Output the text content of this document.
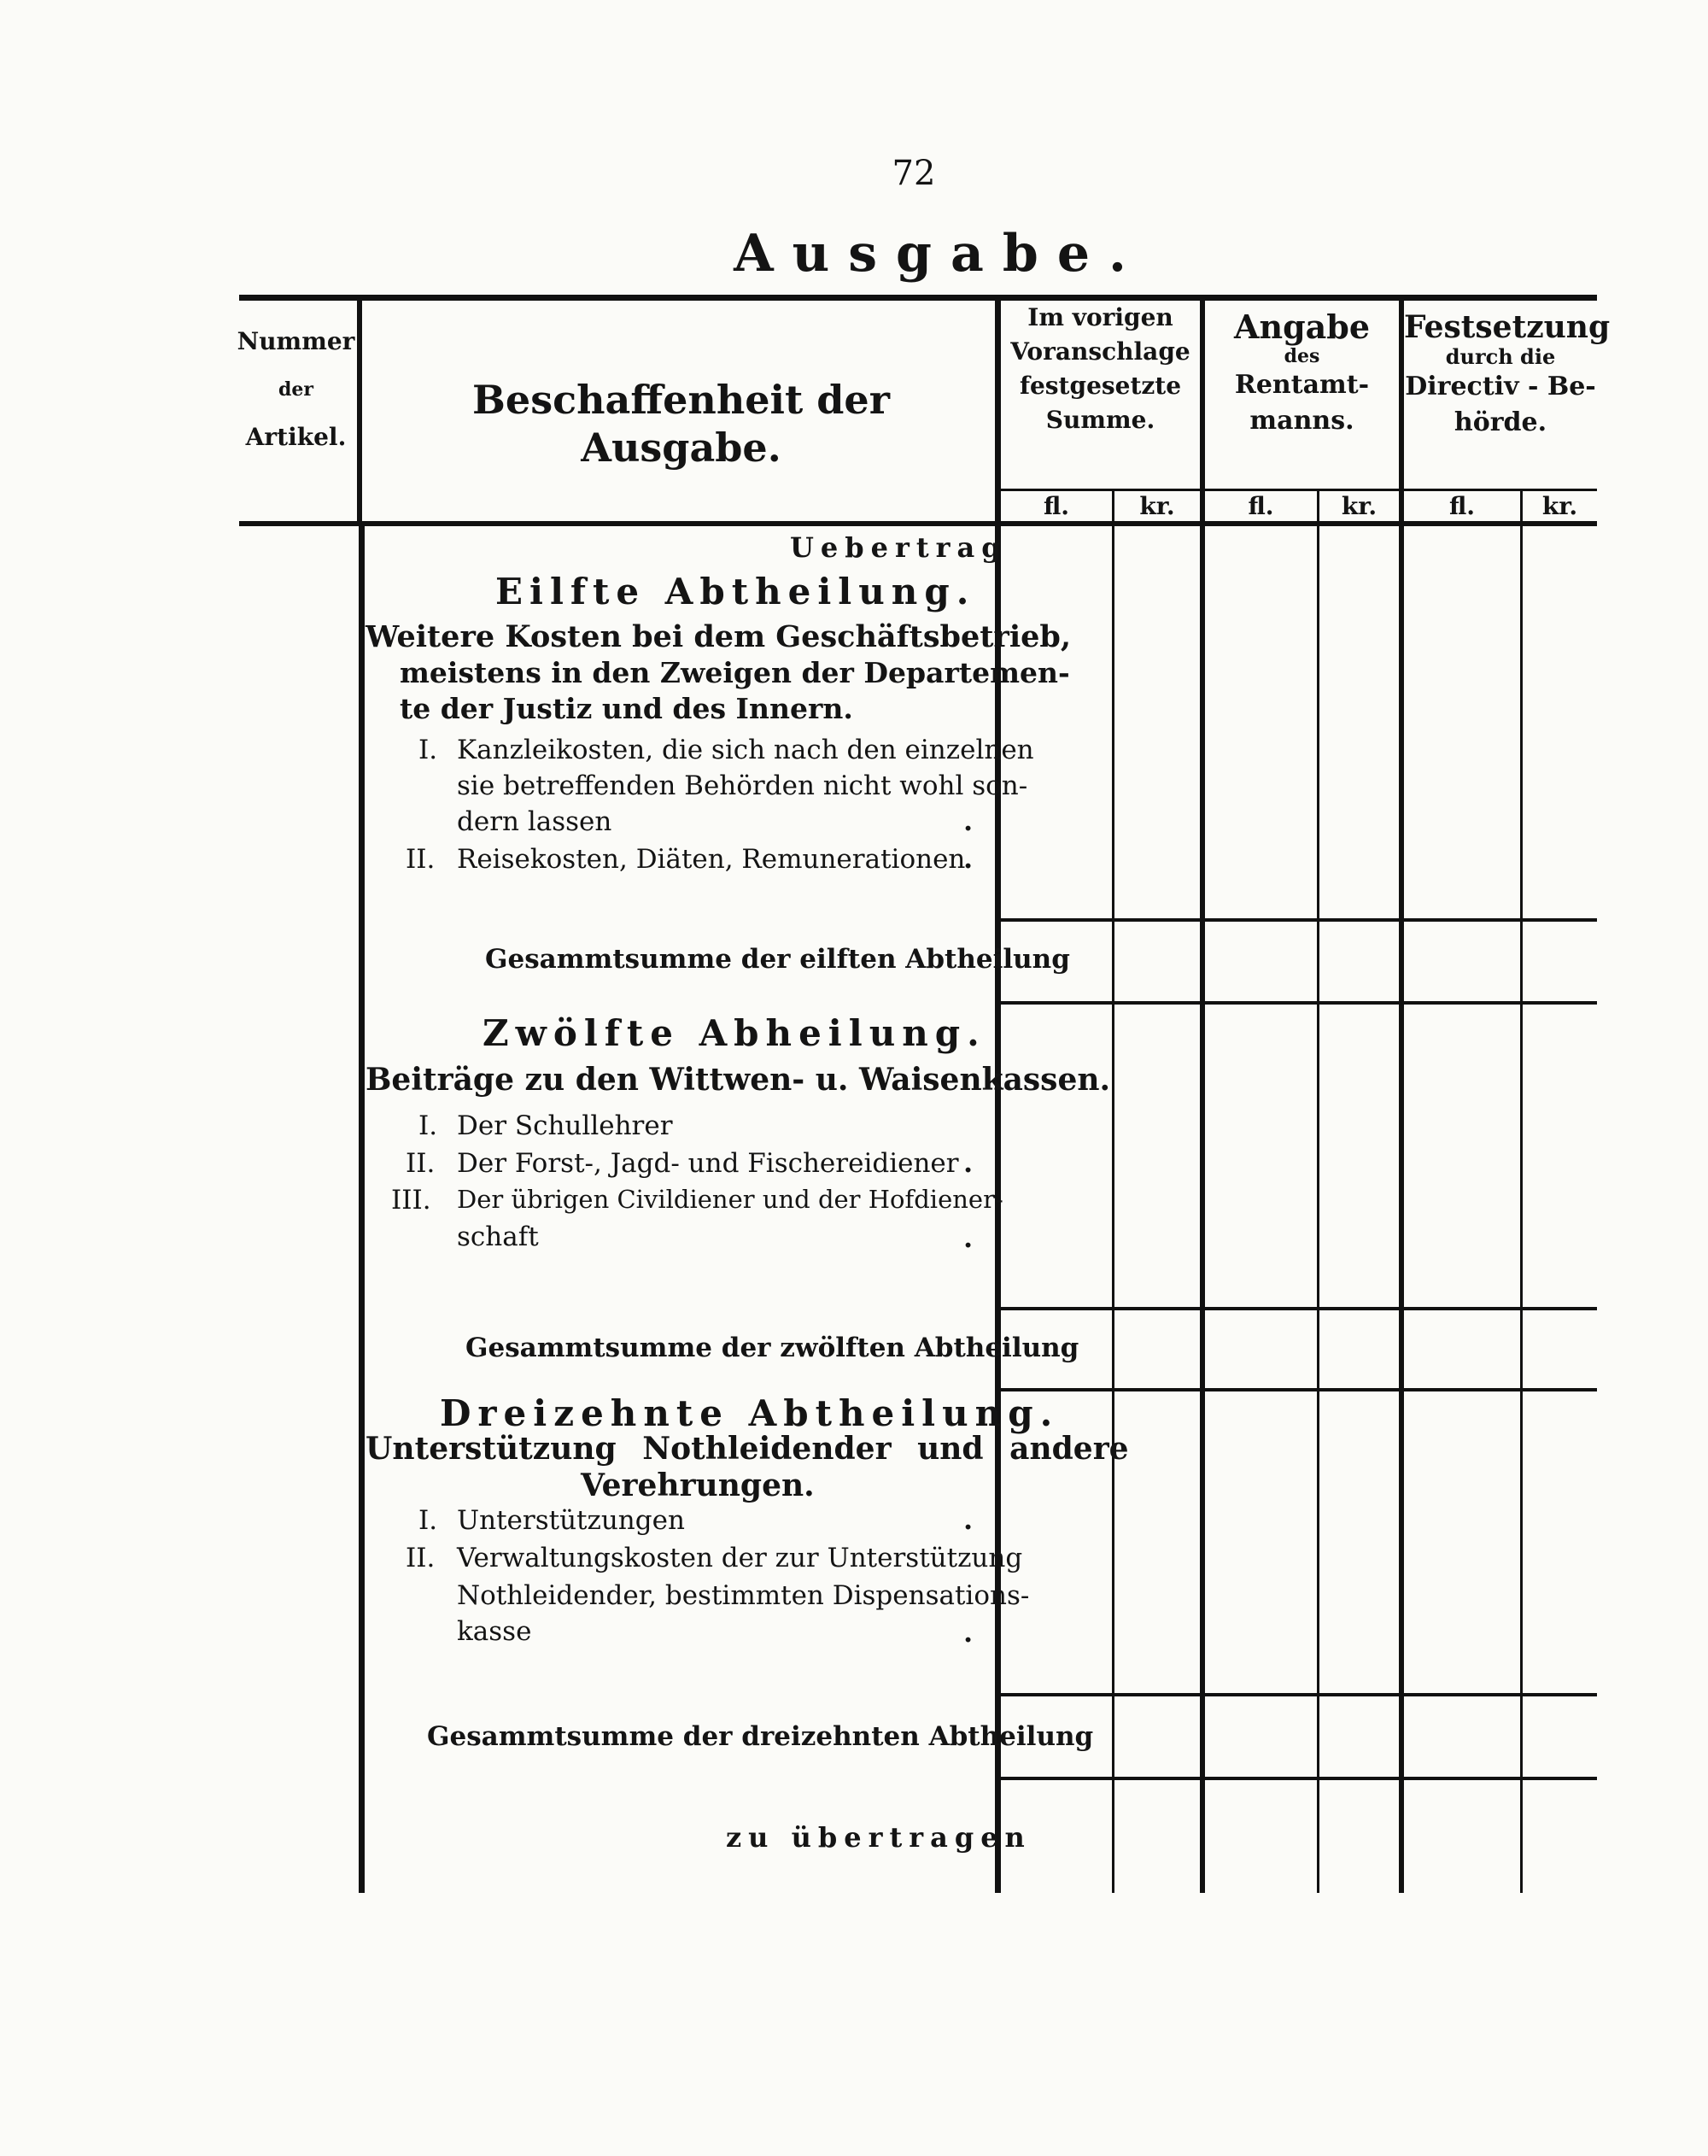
72
Ausgabe.
Nummer
der
Artikel.
Beschaffenheit der Ausgabe.
Im vorigen
Voranschlage
festgesetzte
Summe.
Angabe
des
Rentamt-
manns.
Festsetzung
durch die
Directiv - Be-
hörde.
fl.	kr.	fl.	kr.	fl.	kr.
Uebertrag
Eilfte Abtheilung.
Weitere Kosten bei dem Geschäftsbetrieb,
meistens in den Zweigen der Departemen-
te der Justiz und des Innern.
I. Kanzleikosten, die sich nach den einzelnen
sie betreffenden Behörden nicht wohl son-
dern lassen	.
II. Reisekosten, Diäten, Remunerationen
.
Gesammtsumme der eilften Abtheilung
Zwölfte Abheilung.
Beiträge zu den Wittwen- u. Waisenkassen.
I. Der Schullehrer
II. Der Forst-, Jagd- und Fischereidiener .
III. Der übrigen Civildiener und der Hofdiener-
schaft	.
Gesammtsumme der zwölften Abtheilung
Dreizehnte Abtheilung.
Unterstützung Nothleidender und andere
Verehrungen.
I. Unterstützungen	.
II. Verwaltungskosten der zur Unterstützung
Nothleidender, bestimmten Dispensations-
kasse	.
Gesammtsumme der dreizehnten Abtheilung
zu übertragen
